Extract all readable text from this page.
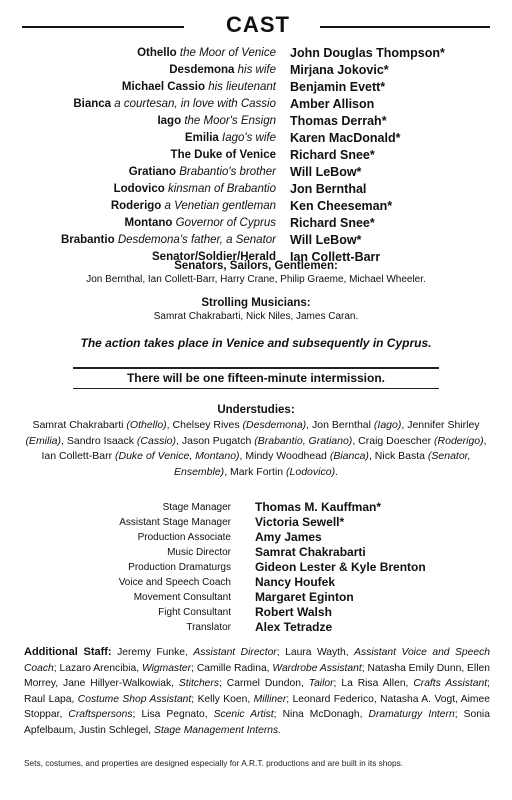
CAST
Othello the Moor of Venice John Douglas Thompson*
Desdemona his wife Mirjana Jokovic*
Michael Cassio his lieutenant Benjamin Evett*
Bianca a courtesan, in love with Cassio Amber Allison
Iago the Moor's Ensign Thomas Derrah*
Emilia Iago's wife Karen MacDonald*
The Duke of Venice Richard Snee*
Gratiano Brabantio's brother Will LeBow*
Lodovico kinsman of Brabantio Jon Bernthal
Roderigo a Venetian gentleman Ken Cheeseman*
Montano Governor of Cyprus Richard Snee*
Brabantio Desdemona's father, a Senator Will LeBow*
Senator/Soldier/Herald Ian Collett-Barr
Senators, Sailors, Gentlemen:
Jon Bernthal, Ian Collett-Barr, Harry Crane, Philip Graeme, Michael Wheeler.
Strolling Musicians:
Samrat Chakrabarti, Nick Niles, James Caran.
The action takes place in Venice and subsequently in Cyprus.
There will be one fifteen-minute intermission.
Understudies:
Samrat Chakrabarti (Othello), Chelsey Rives (Desdemona), Jon Bernthal (Iago), Jennifer Shirley (Emilia), Sandro Isaack (Cassio), Jason Pugatch (Brabantio, Gratiano), Craig Doescher (Roderigo), Ian Collett-Barr (Duke of Venice, Montano), Mindy Woodhead (Bianca), Nick Basta (Senator, Ensemble), Mark Fortin (Lodovico).
Stage Manager Thomas M. Kauffman*
Assistant Stage Manager Victoria Sewell*
Production Associate Amy James
Music Director Samrat Chakrabarti
Production Dramaturgs Gideon Lester & Kyle Brenton
Voice and Speech Coach Nancy Houfek
Movement Consultant Margaret Eginton
Fight Consultant Robert Walsh
Translator Alex Tetradze
Additional Staff: Jeremy Funke, Assistant Director; Laura Wayth, Assistant Voice and Speech Coach; Lazaro Arencibia, Wigmaster; Camille Radina, Wardrobe Assistant; Natasha Emily Dunn, Ellen Morrey, Jane Hillyer-Walkowiak, Stitchers; Carmel Dundon, Tailor; La Risa Allen, Crafts Assistant; Raul Lapa, Costume Shop Assistant; Kelly Koen, Milliner; Leonard Federico, Natasha A. Vogt, Aimee Stoppar, Craftspersons; Lisa Pegnato, Scenic Artist; Nina McDonagh, Dramaturgy Intern; Sonia Apfelbaum, Justin Schlegel, Stage Management Interns.
Sets, costumes, and properties are designed especially for A.R.T. productions and are built in its shops.
